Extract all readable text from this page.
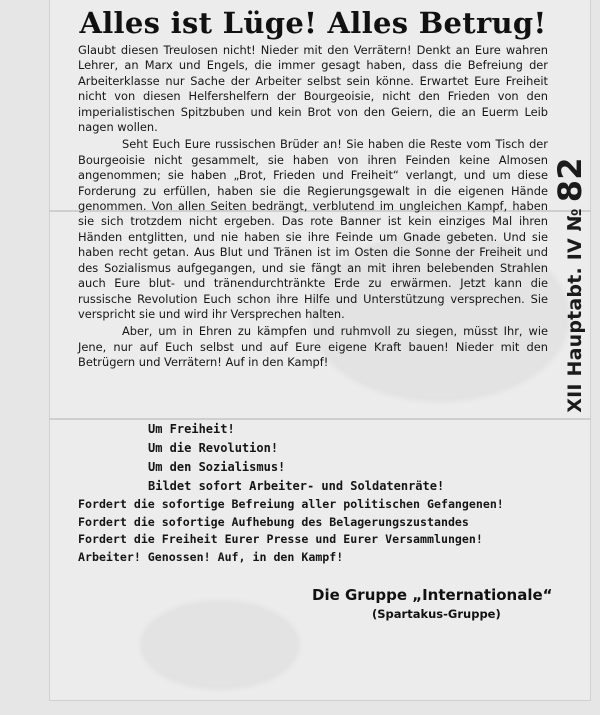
Alles ist Lüge! Alles Betrug!

Glaubt diesen Treulosen nicht! Nieder mit den Verrätern! Denkt an Eure wahren Lehrer, an Marx und Engels, die immer gesagt haben, dass die Befreiung der Arbeiterklasse nur Sache der Arbeiter selbst sein könne. Erwartet Eure Freiheit nicht von diesen Helfershelfern der Bourgeoisie, nicht den Frieden von den imperialistischen Spitzbuben und kein Brot von den Geiern, die an Euerm Leib nagen wollen.

Seht Euch Eure russischen Brüder an! Sie haben die Reste vom Tisch der Bourgeoisie nicht gesammelt, sie haben von ihren Feinden keine Almosen angenommen; sie haben „Brot, Frieden und Freiheit“ verlangt, und um diese Forderung zu erfüllen, haben sie die Regierungsgewalt in die eigenen Hände genommen. Von allen Seiten bedrängt, verblutend im ungleichen Kampf, haben sie sich trotzdem nicht ergeben. Das rote Banner ist kein einziges Mal ihren Händen entglitten, und nie haben sie ihre Feinde um Gnade gebeten. Und sie haben recht getan. Aus Blut und Tränen ist im Osten die Sonne der Freiheit und des Sozialismus aufgegangen, und sie fängt an mit ihren belebenden Strahlen auch Eure blut- und tränendurchtränkte Erde zu erwärmen. Jetzt kann die russische Revolution Euch schon ihre Hilfe und Unterstützung versprechen. Sie verspricht sie und wird ihr Versprechen halten.

Aber, um in Ehren zu kämpfen und ruhmvoll zu siegen, müsst Ihr, wie Jene, nur auf Euch selbst und auf Eure eigene Kraft bauen! Nieder mit den Betrügern und Verrätern! Auf in den Kampf!

Um Freiheit!
Um die Revolution!
Um den Sozialismus!
Bildet sofort Arbeiter- und Soldatenräte!
Fordert die sofortige Befreiung aller politischen Gefangenen!
Fordert die sofortige Aufhebung des Belagerungszustandes
Fordert die Freiheit Eurer Presse und Eurer Versammlungen!
Arbeiter! Genossen! Auf, in den Kampf!
Die Gruppe „Internationale“
(Spartakus-Gruppe)
XII Hauptabt. IV №82
